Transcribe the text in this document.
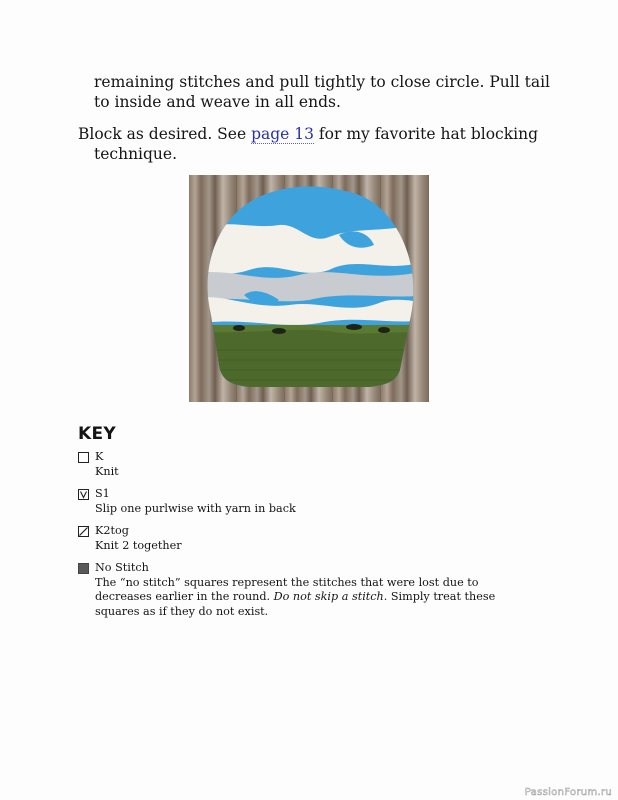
remaining stitches and pull tightly to close circle. Pull tail to inside and weave in all ends.
Block as desired. See page 13 for my favorite hat blocking technique.
KEY
K
Knit
S1
Slip one purlwise with yarn in back
K2tog
Knit 2 together
No Stitch
The “no stitch” squares represent the stitches that were lost due to decreases earlier in the round. Do not skip a stitch. Simply treat these squares as if they do not exist.
PassionForum.ru
